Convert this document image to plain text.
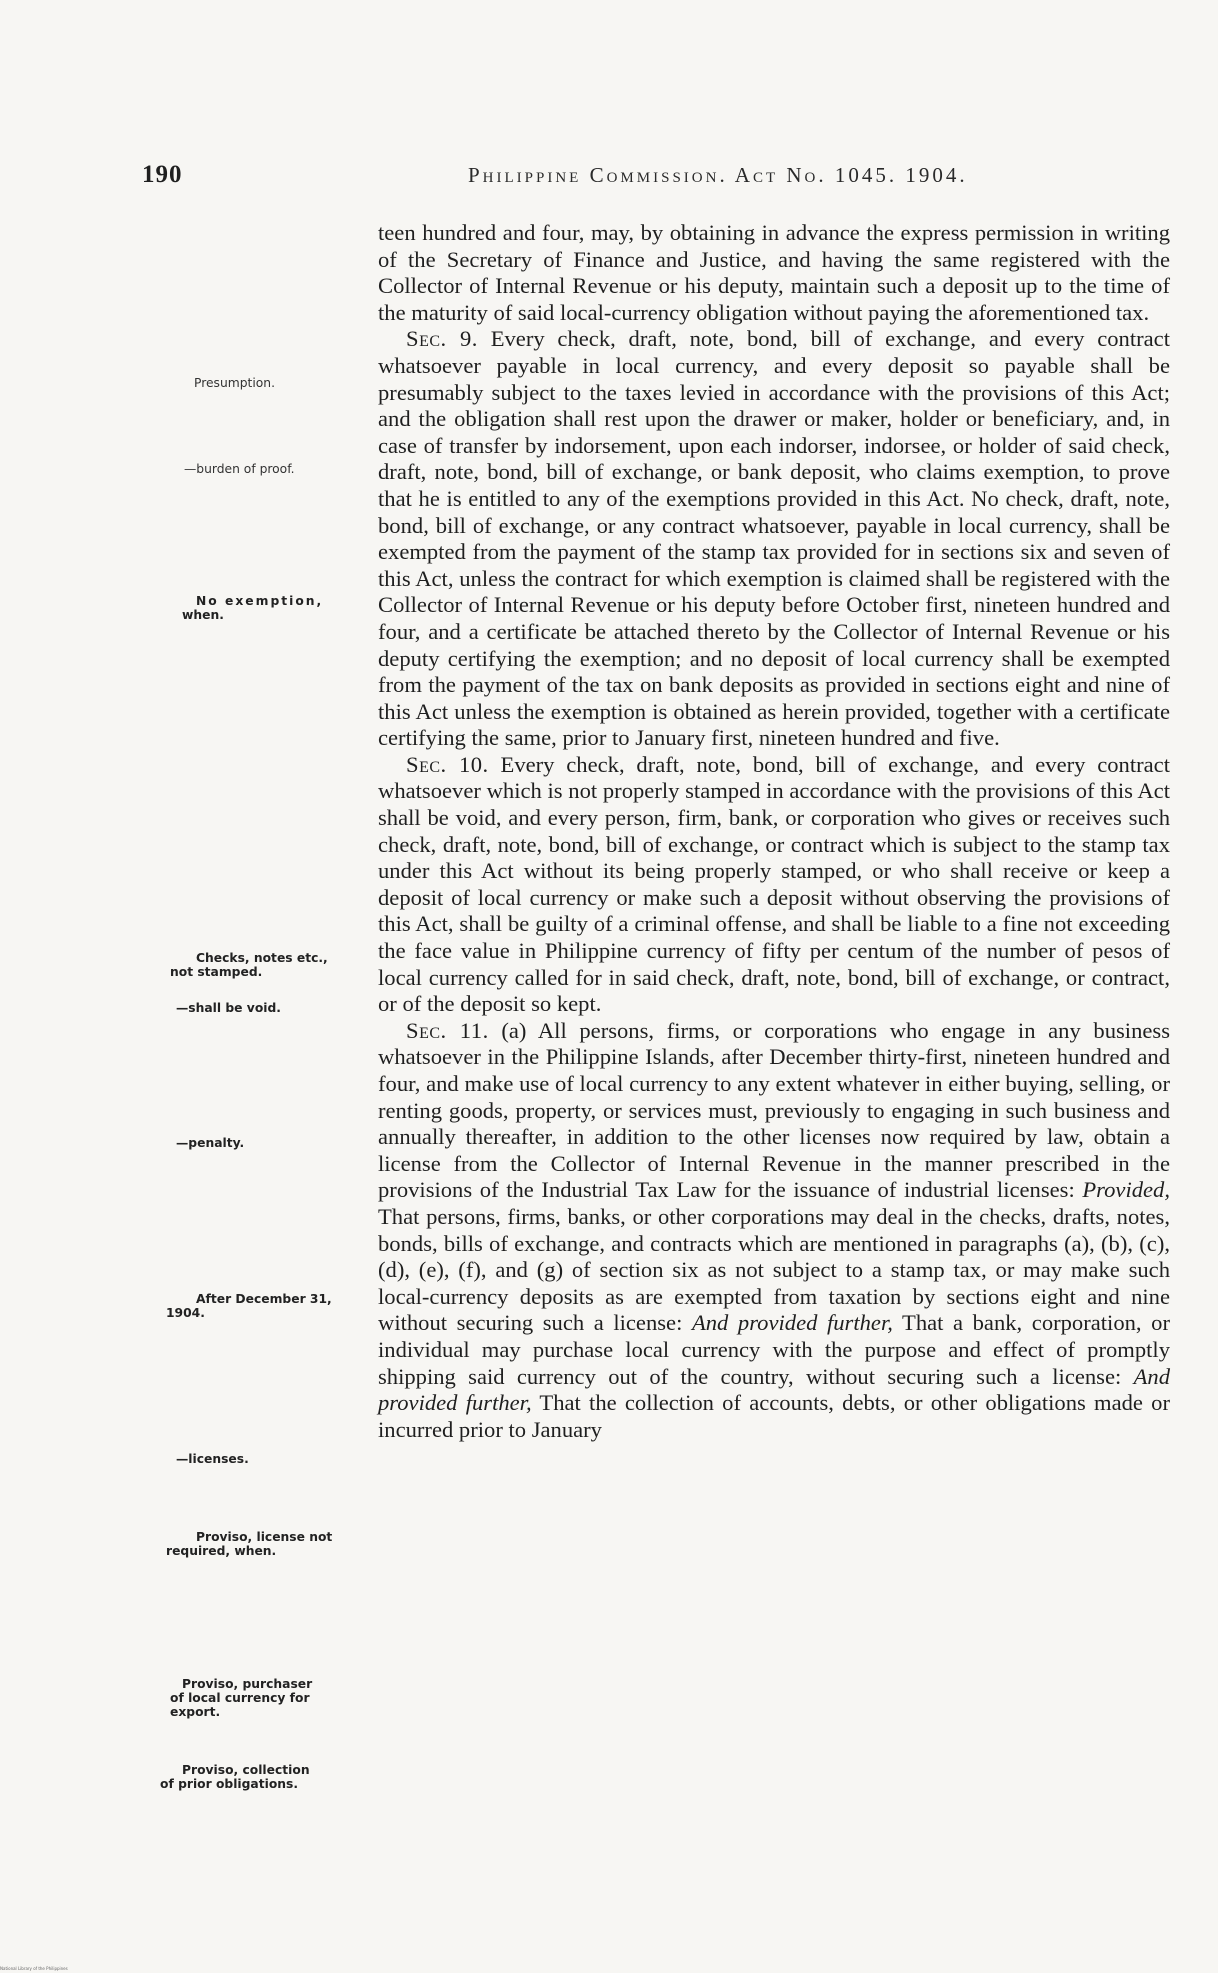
190	Philippine Commission. Act No. 1045. 1904.
Presumption.
—burden of proof.
No exemption,
when.
Checks, notes etc.,
not stamped.
—shall be void.
—penalty.
After December 31,
1904.
—licenses.
Proviso, license not
required, when.
Proviso, purchaser
of local currency for
export.
Proviso, collection
of prior obligations.

teen hundred and four, may, by obtaining in advance the express permission in writing of the Secretary of Finance and Justice, and having the same registered with the Collector of Internal Revenue or his deputy, maintain such a deposit up to the time of the maturity of said local-currency obligation without paying the aforementioned tax.

Sec. 9. Every check, draft, note, bond, bill of exchange, and every contract whatsoever payable in local currency, and every deposit so payable shall be presumably subject to the taxes levied in accordance with the provisions of this Act; and the obligation shall rest upon the drawer or maker, holder or beneficiary, and, in case of transfer by indorsement, upon each indorser, indorsee, or holder of said check, draft, note, bond, bill of exchange, or bank deposit, who claims exemption, to prove that he is entitled to any of the exemptions provided in this Act. No check, draft, note, bond, bill of exchange, or any contract whatsoever, payable in local currency, shall be exempted from the payment of the stamp tax provided for in sections six and seven of this Act, unless the contract for which exemption is claimed shall be registered with the Collector of Internal Revenue or his deputy before October first, nineteen hundred and four, and a certificate be attached thereto by the Collector of Internal Revenue or his deputy certifying the exemption; and no deposit of local currency shall be exempted from the payment of the tax on bank deposits as provided in sections eight and nine of this Act unless the exemption is obtained as herein provided, together with a certificate certifying the same, prior to January first, nineteen hundred and five.

Sec. 10. Every check, draft, note, bond, bill of exchange, and every contract whatsoever which is not properly stamped in accordance with the provisions of this Act shall be void, and every person, firm, bank, or corporation who gives or receives such check, draft, note, bond, bill of exchange, or contract which is subject to the stamp tax under this Act without its being properly stamped, or who shall receive or keep a deposit of local currency or make such a deposit without observing the provisions of this Act, shall be guilty of a criminal offense, and shall be liable to a fine not exceeding the face value in Philippine currency of fifty per centum of the number of pesos of local currency called for in said check, draft, note, bond, bill of exchange, or contract, or of the deposit so kept.

Sec. 11. (a) All persons, firms, or corporations who engage in any business whatsoever in the Philippine Islands, after December thirty-first, nineteen hundred and four, and make use of local currency to any extent whatever in either buying, selling, or renting goods, property, or services must, previously to engaging in such business and annually thereafter, in addition to the other licenses now required by law, obtain a license from the Collector of Internal Revenue in the manner prescribed in the provisions of the Industrial Tax Law for the issuance of industrial licenses: Provided, That persons, firms, banks, or other corporations may deal in the checks, drafts, notes, bonds, bills of exchange, and contracts which are mentioned in paragraphs (a), (b), (c), (d), (e), (f), and (g) of section six as not subject to a stamp tax, or may make such local-currency deposits as are exempted from taxation by sections eight and nine without securing such a license: And provided further, That a bank, corporation, or individual may purchase local currency with the purpose and effect of promptly shipping said currency out of the country, without securing such a license: And provided further, That the collection of accounts, debts, or other obligations made or incurred prior to January

National Library of the Philippines
